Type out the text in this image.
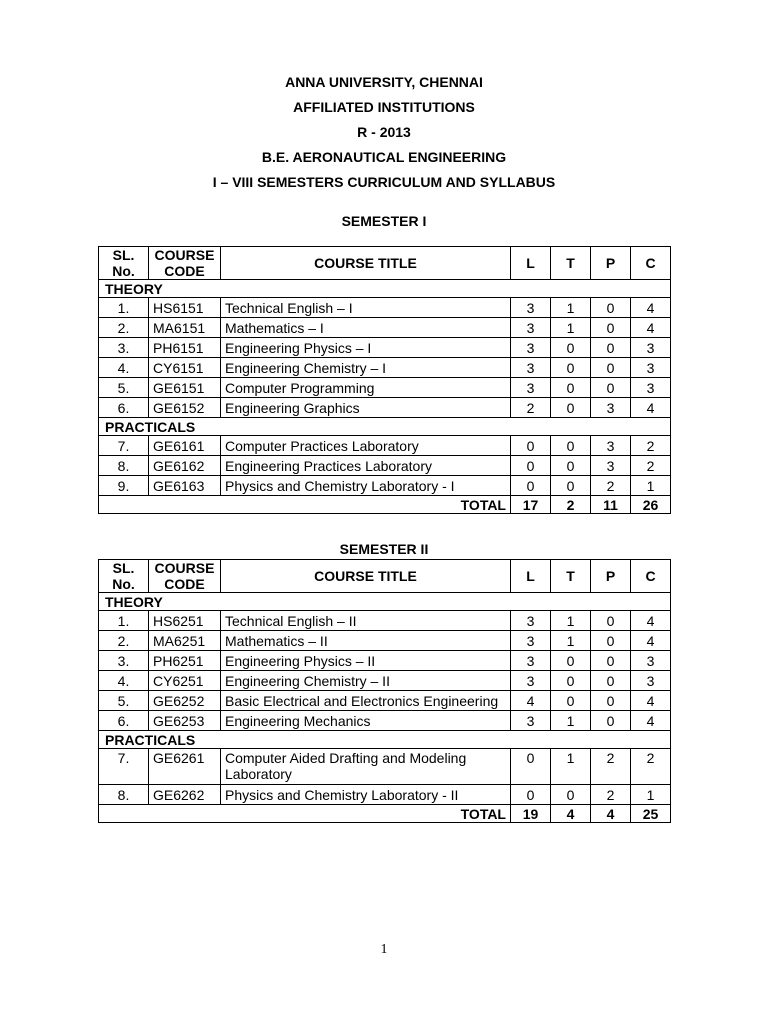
ANNA UNIVERSITY, CHENNAI
AFFILIATED INSTITUTIONS
R - 2013
B.E. AERONAUTICAL ENGINEERING
I – VIII SEMESTERS CURRICULUM AND SYLLABUS
SEMESTER I
SL. No.	COURSE CODE	COURSE TITLE	L	T	P	C
THEORY						
1.	HS6151	Technical English – I	3	1	0	4
2.	MA6151	Mathematics – I	3	1	0	4
3.	PH6151	Engineering Physics – I	3	0	0	3
4.	CY6151	Engineering Chemistry – I	3	0	0	3
5.	GE6151	Computer Programming	3	0	0	3
6.	GE6152	Engineering Graphics	2	0	3	4
PRACTICALS						
7.	GE6161	Computer Practices Laboratory	0	0	3	2
8.	GE6162	Engineering Practices Laboratory	0	0	3	2
9.	GE6163	Physics and Chemistry Laboratory - I	0	0	2	1
TOTAL			17	2	11	26
SEMESTER II
SL. No.	COURSE CODE	COURSE TITLE	L	T	P	C
THEORY						
1.	HS6251	Technical English – II	3	1	0	4
2.	MA6251	Mathematics – II	3	1	0	4
3.	PH6251	Engineering Physics – II	3	0	0	3
4.	CY6251	Engineering Chemistry – II	3	0	0	3
5.	GE6252	Basic Electrical and Electronics Engineering	4	0	0	4
6.	GE6253	Engineering Mechanics	3	1	0	4
PRACTICALS						
7.	GE6261	Computer Aided Drafting and Modeling Laboratory	0	1	2	2
8.	GE6262	Physics and Chemistry Laboratory - II	0	0	2	1
TOTAL			19	4	4	25
1
